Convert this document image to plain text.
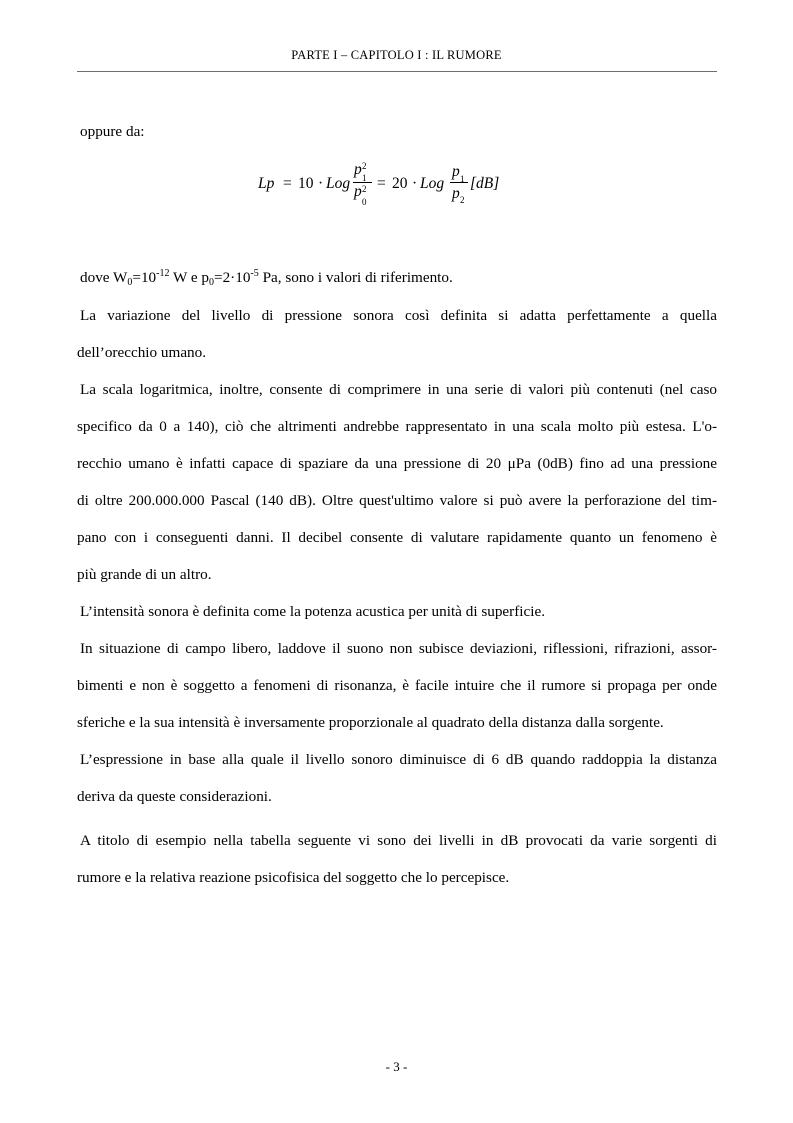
PARTE I – CAPITOLO I : IL RUMORE
oppure da:
Lp = 10 · Log
p 2
1
p 2
0
= 20 · Log
p 1
p 2
[dB]
dove $W_0=10^{-12}$ W e $p_0=2\cdot 10^{-5}$ Pa, sono i valori di riferimento.
La variazione del livello di pressione sonora così definita si adatta perfettamente a quella
dell’orecchio umano.
La scala logaritmica, inoltre, consente di comprimere in una serie di valori più contenuti (nel caso
specifico da 0 a 140), ciò che altrimenti andrebbe rappresentato in una scala molto più estesa. L'o-
recchio umano è infatti capace di spaziare da una pressione di 20 μPa (0dB) fino ad una pressione
di oltre 200.000.000 Pascal (140 dB). Oltre quest'ultimo valore si può avere la perforazione del tim-
pano con i conseguenti danni. Il decibel consente di valutare rapidamente quanto un fenomeno è
più grande di un altro.
L’intensità sonora è definita come la potenza acustica per unità di superficie.
In situazione di campo libero, laddove il suono non subisce deviazioni, riflessioni, rifrazioni, assor-
bimenti e non è soggetto a fenomeni di risonanza, è facile intuire che il rumore si propaga per onde
sferiche e la sua intensità è inversamente proporzionale al quadrato della distanza dalla sorgente.
L’espressione in base alla quale il livello sonoro diminuisce di 6 dB quando raddoppia la distanza
deriva da queste considerazioni.
A titolo di esempio nella tabella seguente vi sono dei livelli in dB provocati da varie sorgenti di
rumore e la relativa reazione psicofisica del soggetto che lo percepisce.
- 3 -
